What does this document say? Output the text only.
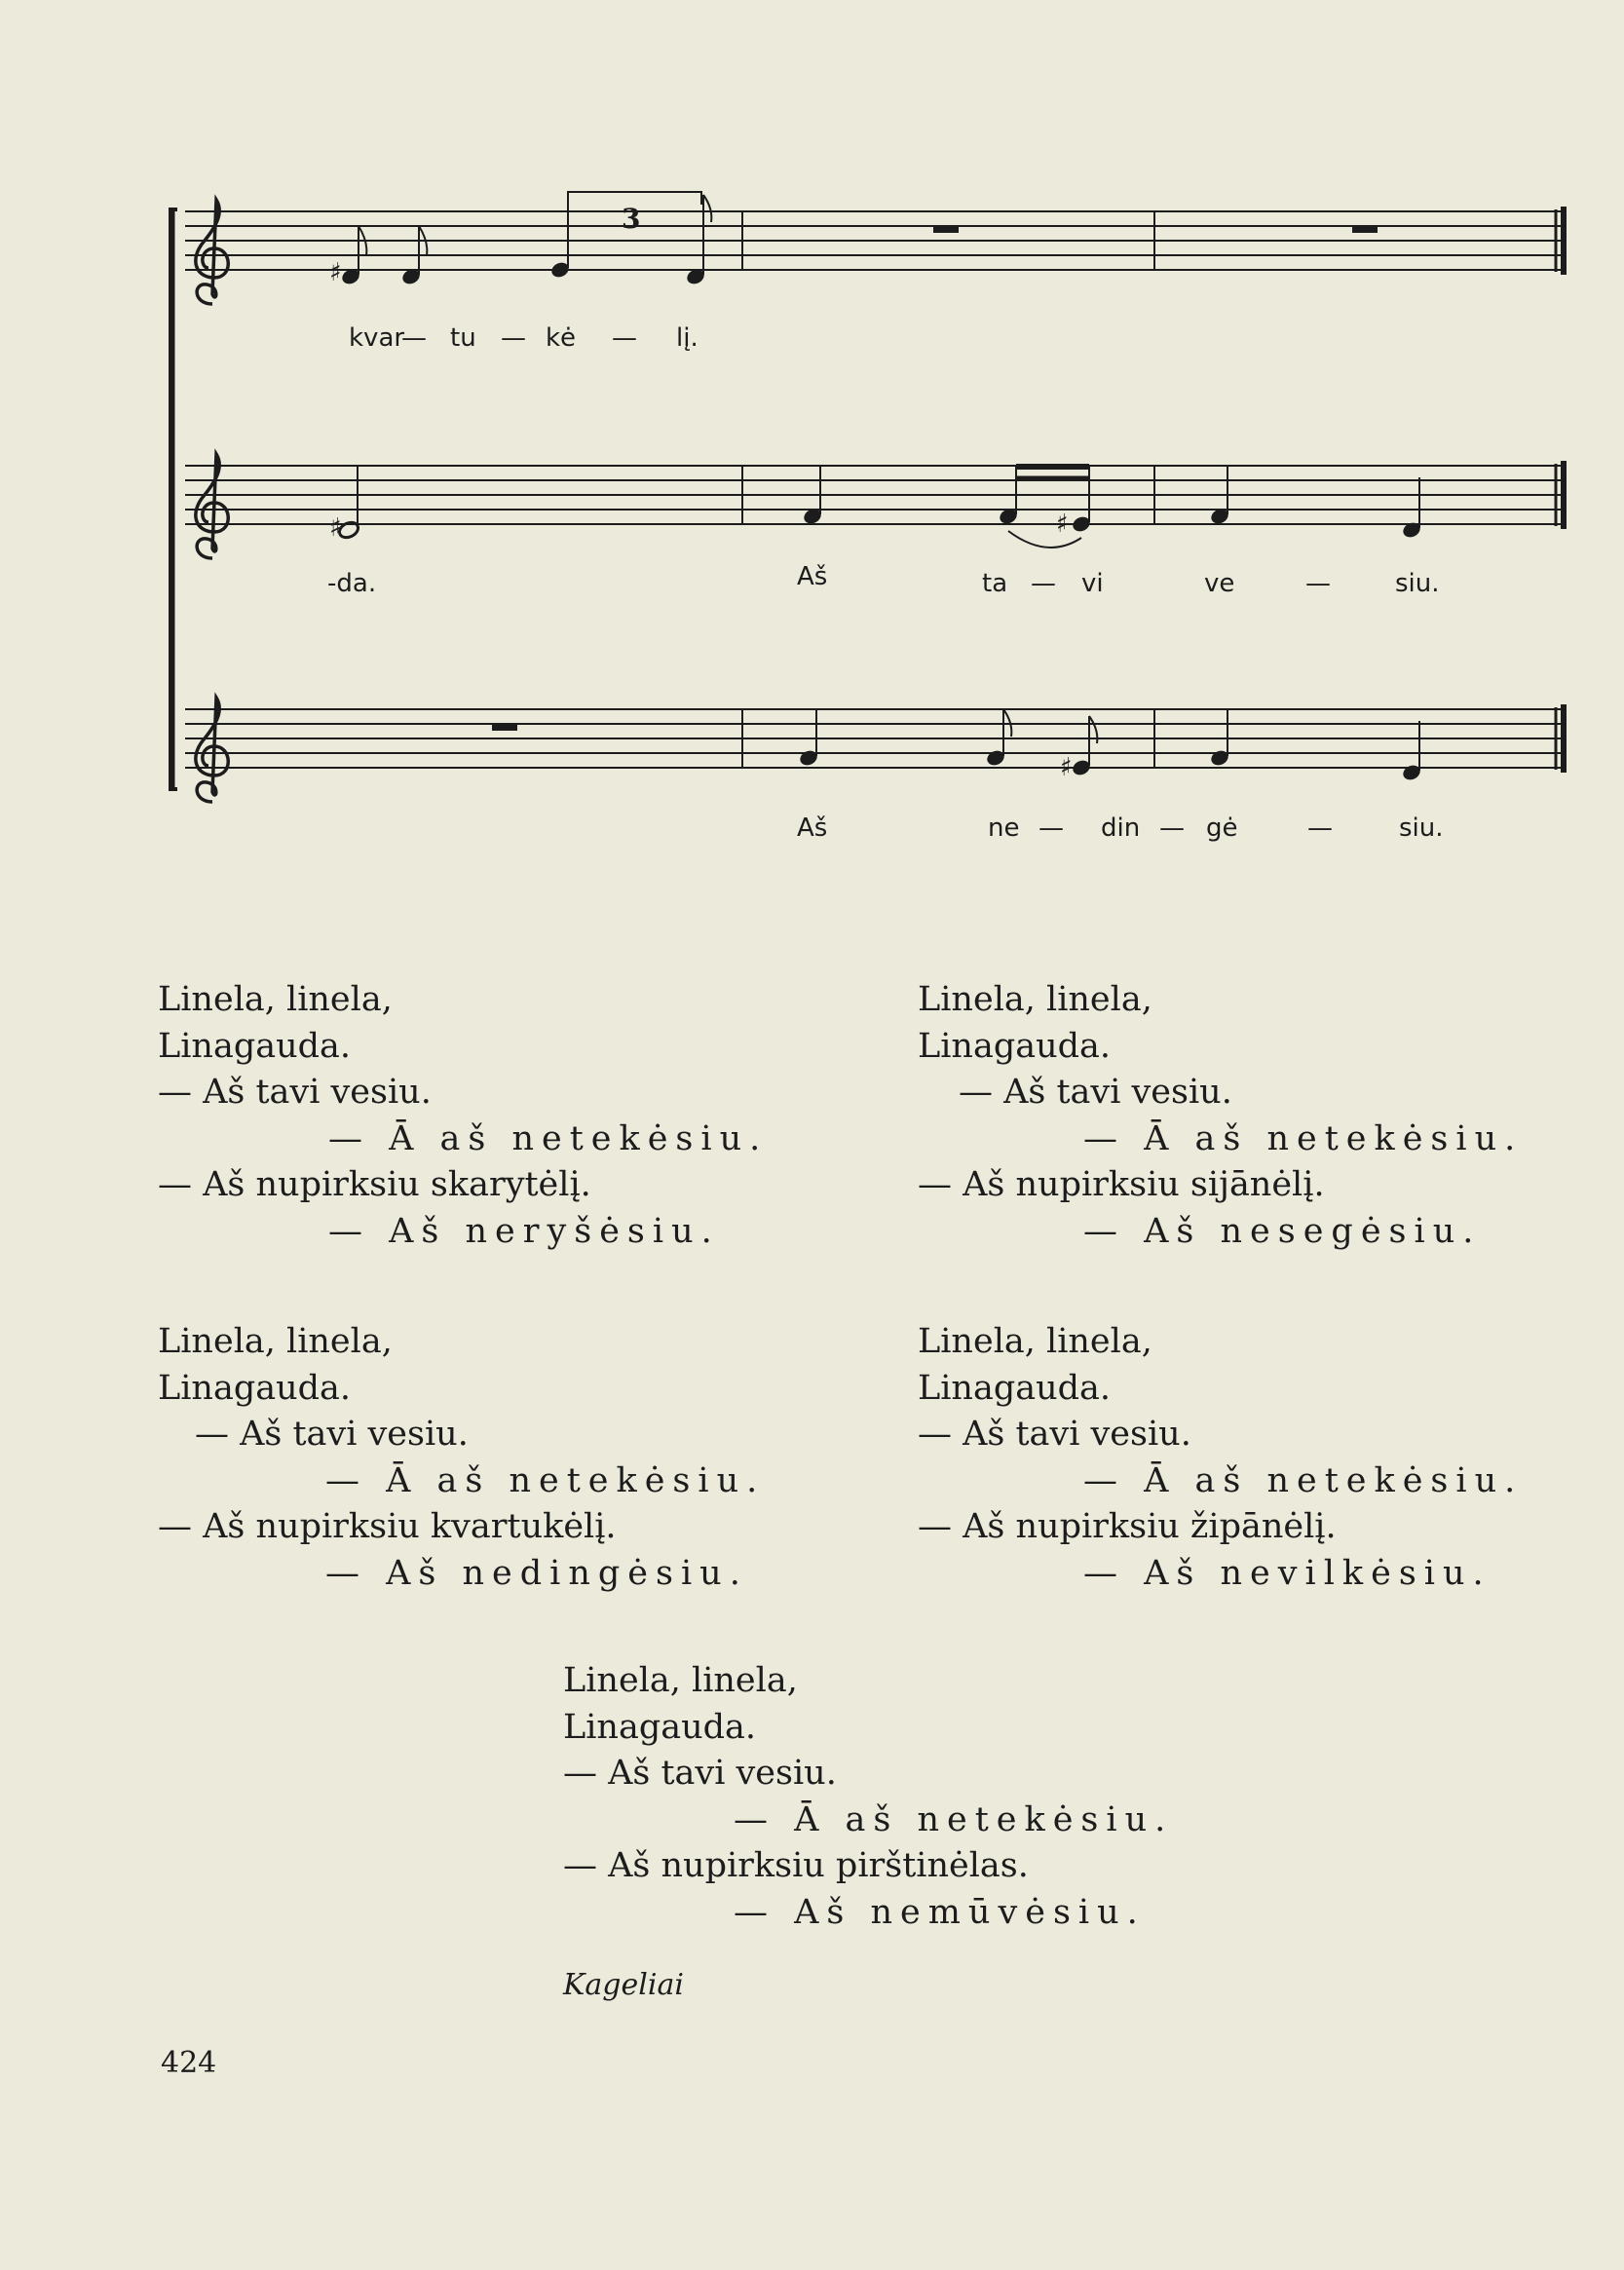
♯
3
♯	♯
♯
kvar
— tu — kė — lį.
-da.	Aš	ta — vi	ve	—	siu.
Aš	ne — din — gė	—	siu.
Linela, linela,
Linagauda.
— Aš tavi vesiu.
— Ā aš netekėsiu.
— Aš nupirksiu skarytėlį.
— Aš neryšėsiu.
Linela, linela,
Linagauda.
— Aš tavi vesiu.
— Ā aš netekėsiu.
— Aš nupirksiu sijānėlį.
— Aš nesegėsiu.
Linela, linela,
Linagauda.
— Aš tavi vesiu.
— Ā aš netekėsiu.
— Aš nupirksiu kvartukėlį.
— Aš nedingėsiu.
Linela, linela,
Linagauda.
— Aš tavi vesiu.
— Ā aš netekėsiu.
— Aš nupirksiu žipānėlį.
— Aš nevilkėsiu.
Linela, linela,
Linagauda.
— Aš tavi vesiu.
— Ā aš netekėsiu.
— Aš nupirksiu pirštinėlas.
— Aš nemūvėsiu.
Kageliai
424
